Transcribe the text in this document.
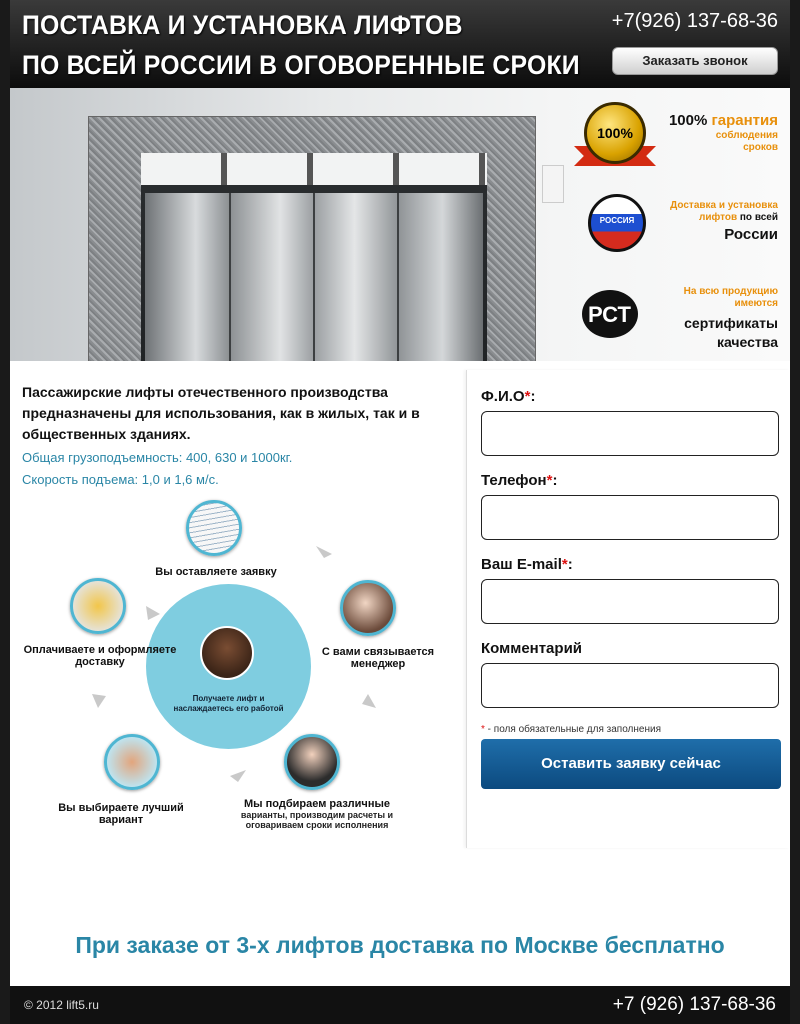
ПОСТАВКА И УСТАНОВКА ЛИФТОВ
ПО ВСЕЙ РОССИИ В ОГОВОРЕННЫЕ СРОКИ
+7(926) 137-68-36
Заказать звонок
100%
100% гарантия
соблюдения сроков
РОССИЯ
Доставка и установка лифтов по всей
России
РСТ
На всю продукцию имеются
сертификаты качества
Пассажирские лифты отечественного производства предназначены для использования, как в жилых, так и в общественных зданиях.
Общая грузоподъемность: 400, 630 и 1000кг.
Скорость подъема: 1,0 и 1,6 м/с.
Получаете лифт и наслаждаетесь его работой
Вы оставляете заявку
С вами связывается менеджер
Мы подбираем различные
варианты, производим расчеты и оговариваем сроки исполнения
Вы выбираете лучший вариант
Оплачиваете и оформляете доставку
Ф.И.О*:
Телефон*:
Ваш E-mail*:
Комментарий
* - поля обязательные для заполнения
Оставить заявку сейчас
При заказе от 3-х лифтов доставка по Москве бесплатно
© 2012 lift5.ru	+7 (926) 137-68-36
